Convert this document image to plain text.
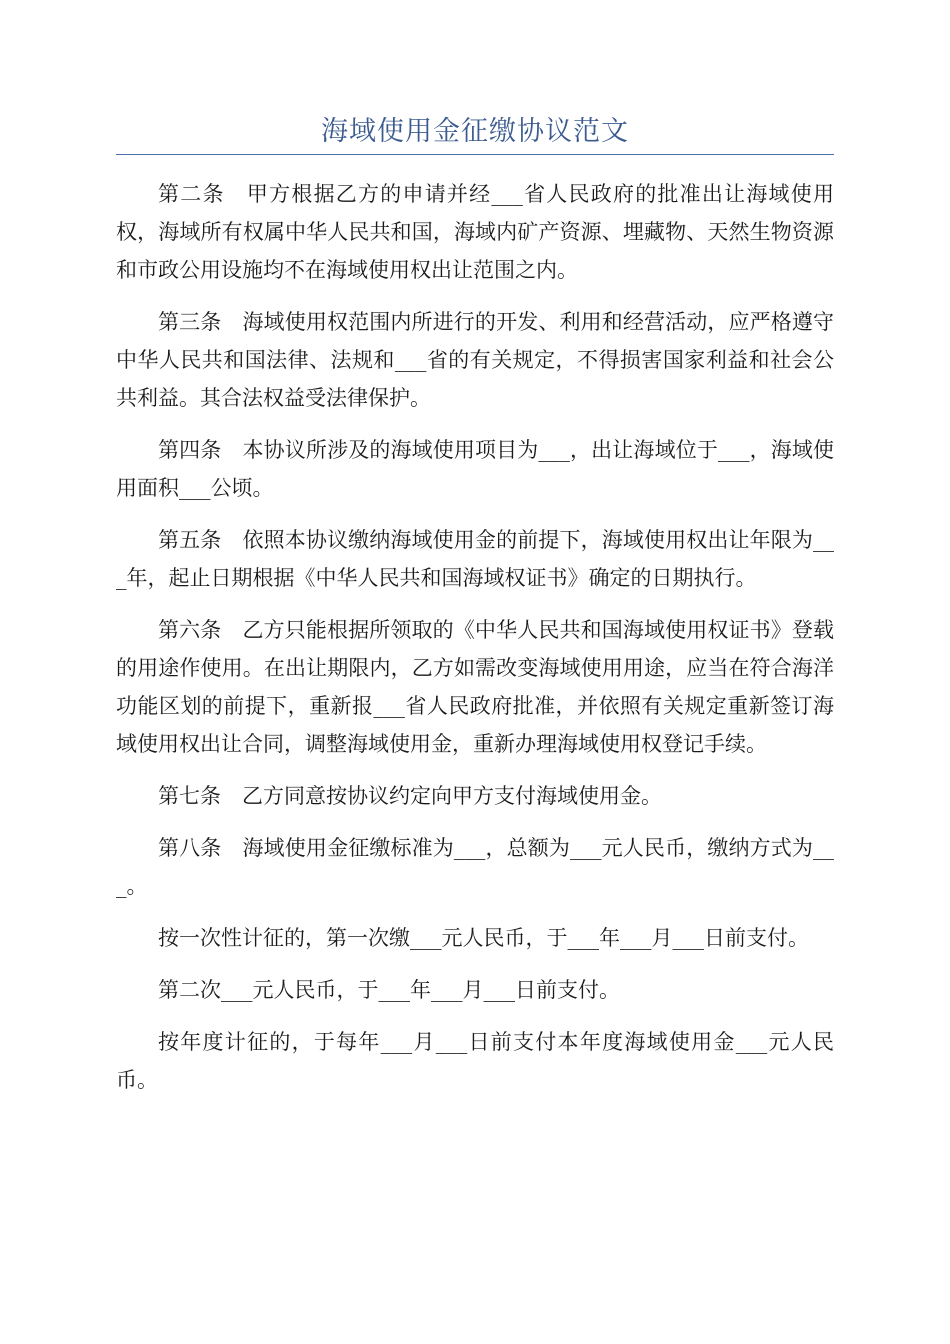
海域使用金征缴协议范文

第二条　甲方根据乙方的申请并经___省人民政府的批准出让海域使用权，海域所有权属中华人民共和国，海域内矿产资源、埋藏物、天然生物资源和市政公用设施均不在海域使用权出让范围之内。

第三条　海域使用权范围内所进行的开发、利用和经营活动，应严格遵守中华人民共和国法律、法规和___省的有关规定，不得损害国家利益和社会公共利益。其合法权益受法律保护。

第四条　本协议所涉及的海域使用项目为___，出让海域位于___，海域使用面积___公顷。

第五条　依照本协议缴纳海域使用金的前提下，海域使用权出让年限为___年，起止日期根据《中华人民共和国海域权证书》确定的日期执行。

第六条　乙方只能根据所领取的《中华人民共和国海域使用权证书》登载的用途作使用。在出让期限内，乙方如需改变海域使用用途，应当在符合海洋功能区划的前提下，重新报___省人民政府批准，并依照有关规定重新签订海域使用权出让合同，调整海域使用金，重新办理海域使用权登记手续。

第七条　乙方同意按协议约定向甲方支付海域使用金。

第八条　海域使用金征缴标准为___，总额为___元人民币，缴纳方式为___。

按一次性计征的，第一次缴___元人民币，于___年___月___日前支付。

第二次___元人民币，于___年___月___日前支付。

按年度计征的，于每年___月___日前支付本年度海域使用金___元人民币。
